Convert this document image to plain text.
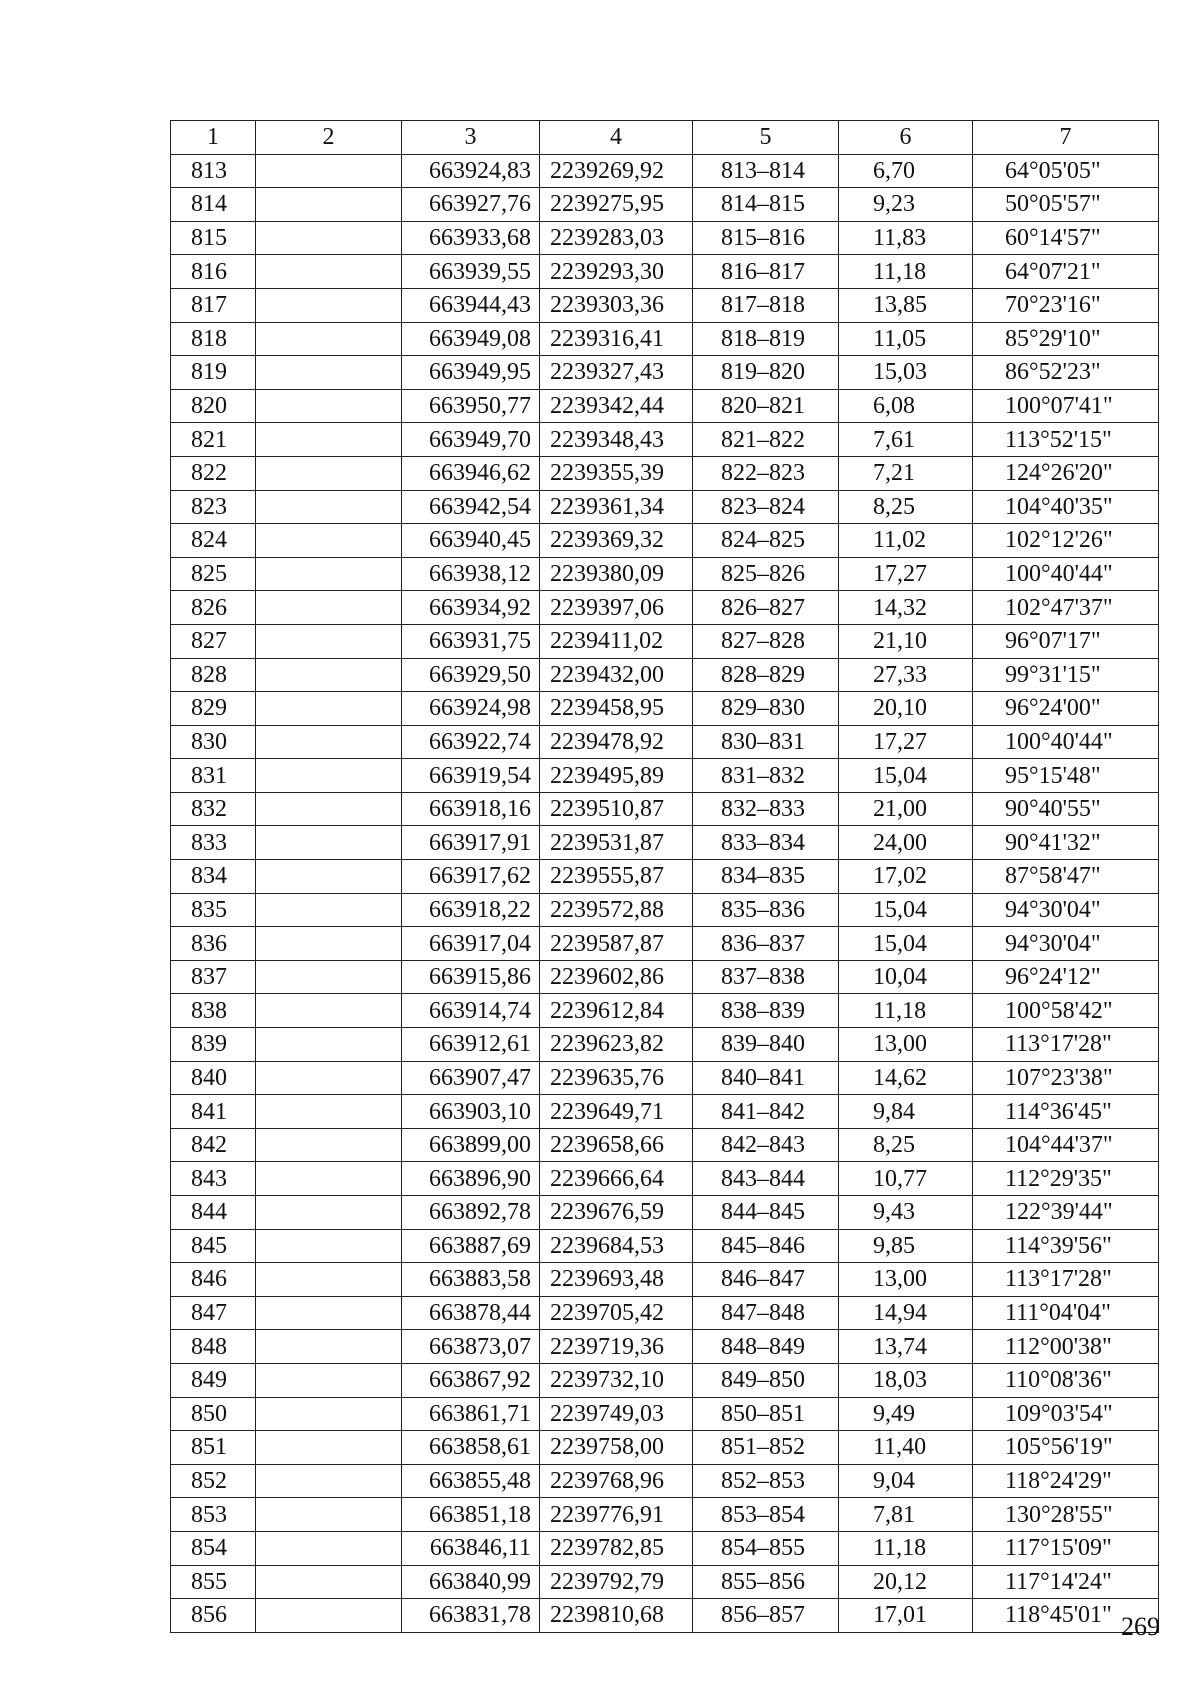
1	2	3	4	5	6	7
813		663924,83	2239269,92	813–814	6,70	64°05'05"
814		663927,76	2239275,95	814–815	9,23	50°05'57"
815		663933,68	2239283,03	815–816	11,83	60°14'57"
816		663939,55	2239293,30	816–817	11,18	64°07'21"
817		663944,43	2239303,36	817–818	13,85	70°23'16"
818		663949,08	2239316,41	818–819	11,05	85°29'10"
819		663949,95	2239327,43	819–820	15,03	86°52'23"
820		663950,77	2239342,44	820–821	6,08	100°07'41"
821		663949,70	2239348,43	821–822	7,61	113°52'15"
822		663946,62	2239355,39	822–823	7,21	124°26'20"
823		663942,54	2239361,34	823–824	8,25	104°40'35"
824		663940,45	2239369,32	824–825	11,02	102°12'26"
825		663938,12	2239380,09	825–826	17,27	100°40'44"
826		663934,92	2239397,06	826–827	14,32	102°47'37"
827		663931,75	2239411,02	827–828	21,10	96°07'17"
828		663929,50	2239432,00	828–829	27,33	99°31'15"
829		663924,98	2239458,95	829–830	20,10	96°24'00"
830		663922,74	2239478,92	830–831	17,27	100°40'44"
831		663919,54	2239495,89	831–832	15,04	95°15'48"
832		663918,16	2239510,87	832–833	21,00	90°40'55"
833		663917,91	2239531,87	833–834	24,00	90°41'32"
834		663917,62	2239555,87	834–835	17,02	87°58'47"
835		663918,22	2239572,88	835–836	15,04	94°30'04"
836		663917,04	2239587,87	836–837	15,04	94°30'04"
837		663915,86	2239602,86	837–838	10,04	96°24'12"
838		663914,74	2239612,84	838–839	11,18	100°58'42"
839		663912,61	2239623,82	839–840	13,00	113°17'28"
840		663907,47	2239635,76	840–841	14,62	107°23'38"
841		663903,10	2239649,71	841–842	9,84	114°36'45"
842		663899,00	2239658,66	842–843	8,25	104°44'37"
843		663896,90	2239666,64	843–844	10,77	112°29'35"
844		663892,78	2239676,59	844–845	9,43	122°39'44"
845		663887,69	2239684,53	845–846	9,85	114°39'56"
846		663883,58	2239693,48	846–847	13,00	113°17'28"
847		663878,44	2239705,42	847–848	14,94	111°04'04"
848		663873,07	2239719,36	848–849	13,74	112°00'38"
849		663867,92	2239732,10	849–850	18,03	110°08'36"
850		663861,71	2239749,03	850–851	9,49	109°03'54"
851		663858,61	2239758,00	851–852	11,40	105°56'19"
852		663855,48	2239768,96	852–853	9,04	118°24'29"
853		663851,18	2239776,91	853–854	7,81	130°28'55"
854		663846,11	2239782,85	854–855	11,18	117°15'09"
855		663840,99	2239792,79	855–856	20,12	117°14'24"
856		663831,78	2239810,68	856–857	17,01	118°45'01" 269
